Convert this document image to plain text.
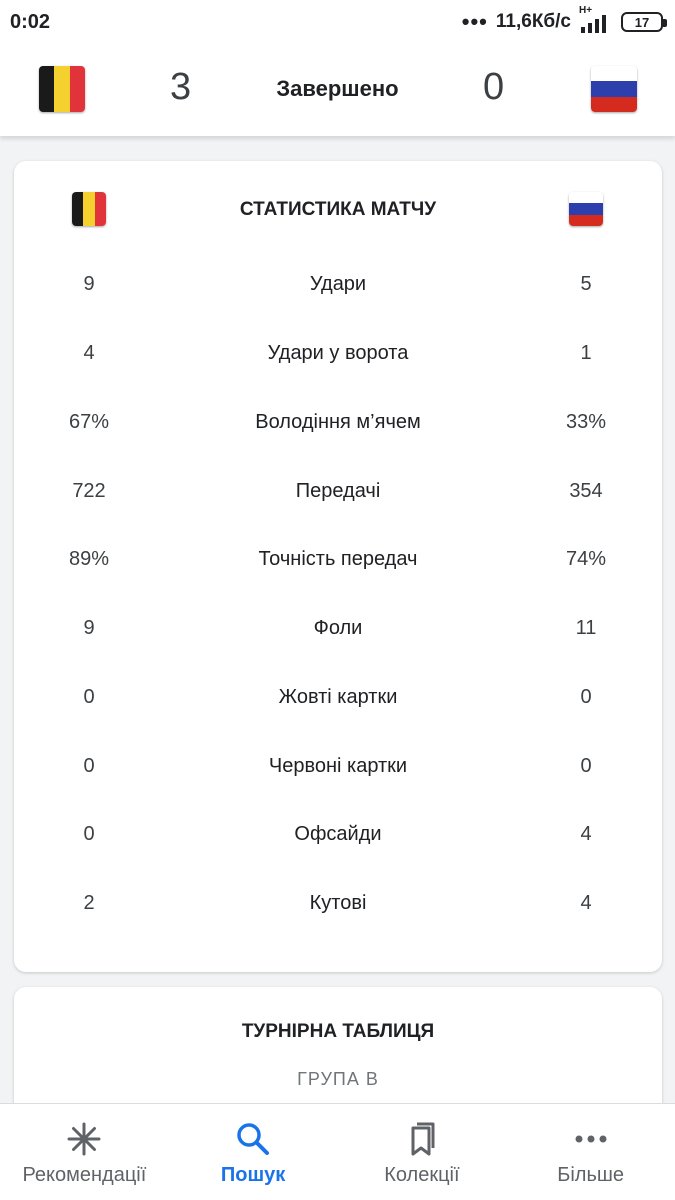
0:02	••• 11,6Кб/с
H+
17
3	Завершено	0
СТАТИСТИКА МАТЧУ
9	Удари	5
4	Удари у ворота	1
67%	Володіння м’ячем	33%
722	Передачі	354
89%	Точність передач	74%
9	Фоли	11
0	Жовті картки	0
0	Червоні картки	0
0	Офсайди	4
2	Кутові	4
ТУРНІРНА ТАБЛИЦЯ
ГРУПА B
Рекомендації	Пошук	Колекції	Більше
